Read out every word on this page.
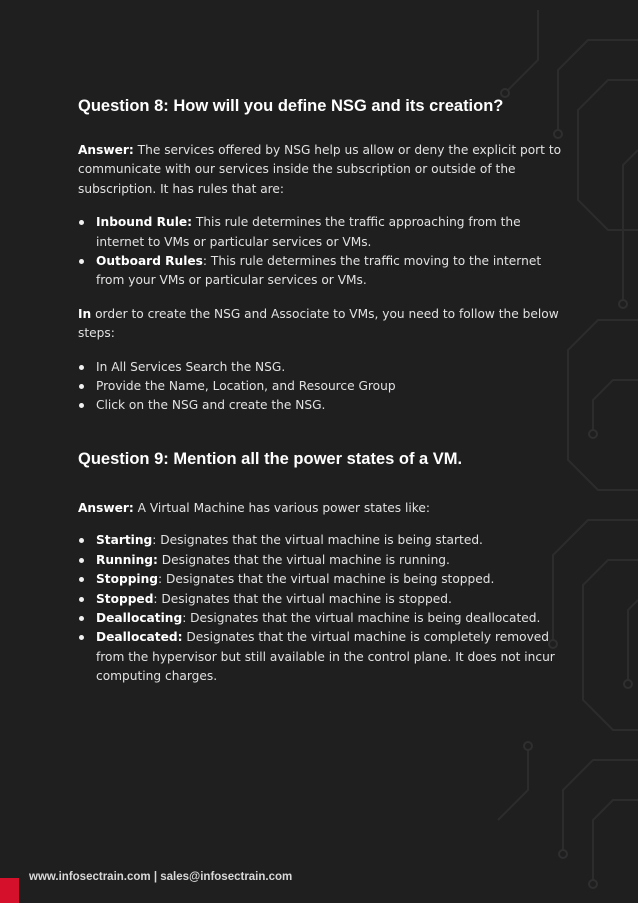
Question 8: How will you define NSG and its creation?

Answer: The services offered by NSG help us allow or deny the explicit port to communicate with our services inside the subscription or outside of the subscription. It has rules that are:

Inbound Rule: This rule determines the traffic approaching from the internet to VMs or particular services or VMs.
Outboard Rules: This rule determines the traffic moving to the internet from your VMs or particular services or VMs.

In order to create the NSG and Associate to VMs, you need to follow the below steps:

In All Services Search the NSG.
Provide the Name, Location, and Resource Group
Click on the NSG and create the NSG.
Question 9: Mention all the power states of a VM.

Answer: A Virtual Machine has various power states like:

Starting: Designates that the virtual machine is being started.
Running: Designates that the virtual machine is running.
Stopping: Designates that the virtual machine is being stopped.
Stopped: Designates that the virtual machine is stopped.
Deallocating: Designates that the virtual machine is being deallocated.
Deallocated: Designates that the virtual machine is completely removed from the hypervisor but still available in the control plane. It does not incur computing charges.
www.infosectrain.com | sales@infosectrain.com
